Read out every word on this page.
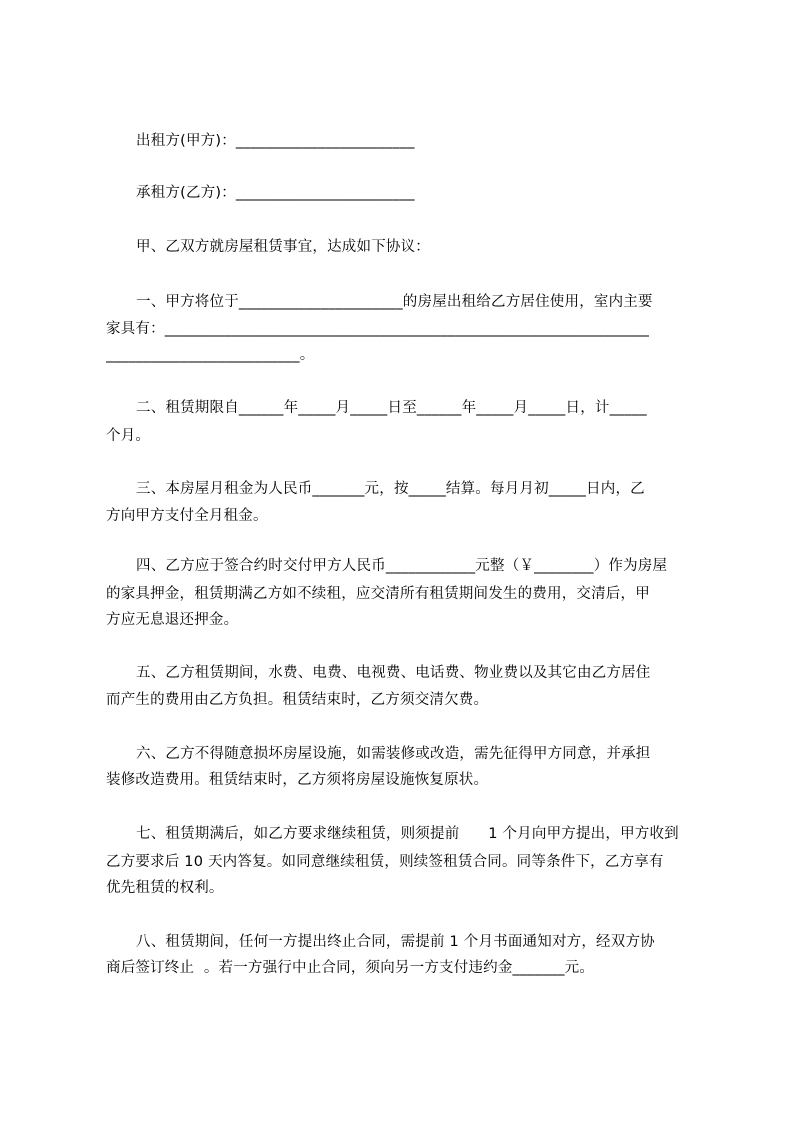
出租方(甲方)：________________________
承租方(乙方)：________________________
甲、乙双方就房屋租赁事宜，达成如下协议：
一、甲方将位于______________________的房屋出租给乙方居住使用，室内主要
家具有：_________________________________________________________________
__________________________。
二、租赁期限自______年_____月_____日至______年_____月_____日，计_____
个月。
三、本房屋月租金为人民币_______元，按_____结算。每月月初_____日内，乙
方向甲方支付全月租金。
四、乙方应于签合约时交付甲方人民币____________元整（￥________）作为房屋
的家具押金，租赁期满乙方如不续租，应交清所有租赁期间发生的费用，交清后，甲
方应无息退还押金。
五、乙方租赁期间，水费、电费、电视费、电话费、物业费以及其它由乙方居住
而产生的费用由乙方负担。租赁结束时，乙方须交清欠费。
六、乙方不得随意损坏房屋设施，如需装修或改造，需先征得甲方同意，并承担
装修改造费用。租赁结束时，乙方须将房屋设施恢复原状。
七、租赁期满后，如乙方要求继续租赁，则须提前      1 个月向甲方提出，甲方收到
乙方要求后 10 天内答复。如同意继续租赁，则续签租赁合同。同等条件下，乙方享有
优先租赁的权利。
八、租赁期间，任何一方提出终止合同，需提前 1 个月书面通知对方，经双方协
商后签订终止  。若一方强行中止合同，须向另一方支付违约金_______元。
